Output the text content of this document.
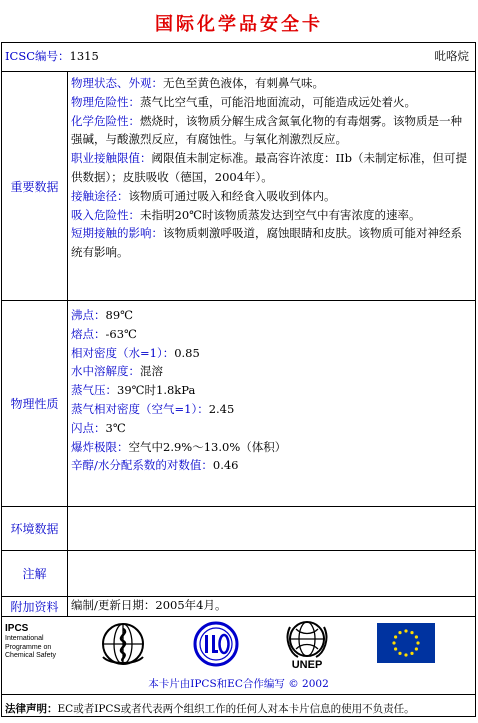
国际化学品安全卡
ICSC编号：1315	吡咯烷
重要数据
物理状态、外观：无色至黄色液体，有刺鼻气味。
物理危险性：蒸气比空气重，可能沿地面流动，可能造成远处着火。
化学危险性：燃烧时，该物质分解生成含氮氧化物的有毒烟雾。该物质是一种强碱，与酸激烈反应，有腐蚀性。与氧化剂激烈反应。
职业接触限值：阈限值未制定标准。最高容许浓度：IIb（未制定标准，但可提供数据）；皮肤吸收（德国，2004年）。
接触途径：该物质可通过吸入和经食入吸收到体内。
吸入危险性：未指明20℃时该物质蒸发达到空气中有害浓度的速率。
短期接触的影响：该物质刺激呼吸道，腐蚀眼睛和皮肤。该物质可能对神经系统有影响。
物理性质
沸点：89℃
熔点：-63℃
相对密度（水=1）：0.85
水中溶解度：混溶
蒸气压：39℃时1.8kPa
蒸气相对密度（空气=1）：2.45
闪点：3℃
爆炸极限：空气中2.9%～13.0%（体积）
辛醇/水分配系数的对数值：0.46
环境数据
注解
附加资料	编制/更新日期：2005年4月。
IPCS
International
Programme on
Chemical Safety
UNEP
本卡片由IPCS和EC合作编写 © 2002
法律声明：EC或者IPCS或者代表两个组织工作的任何人对本卡片信息的使用不负责任。
